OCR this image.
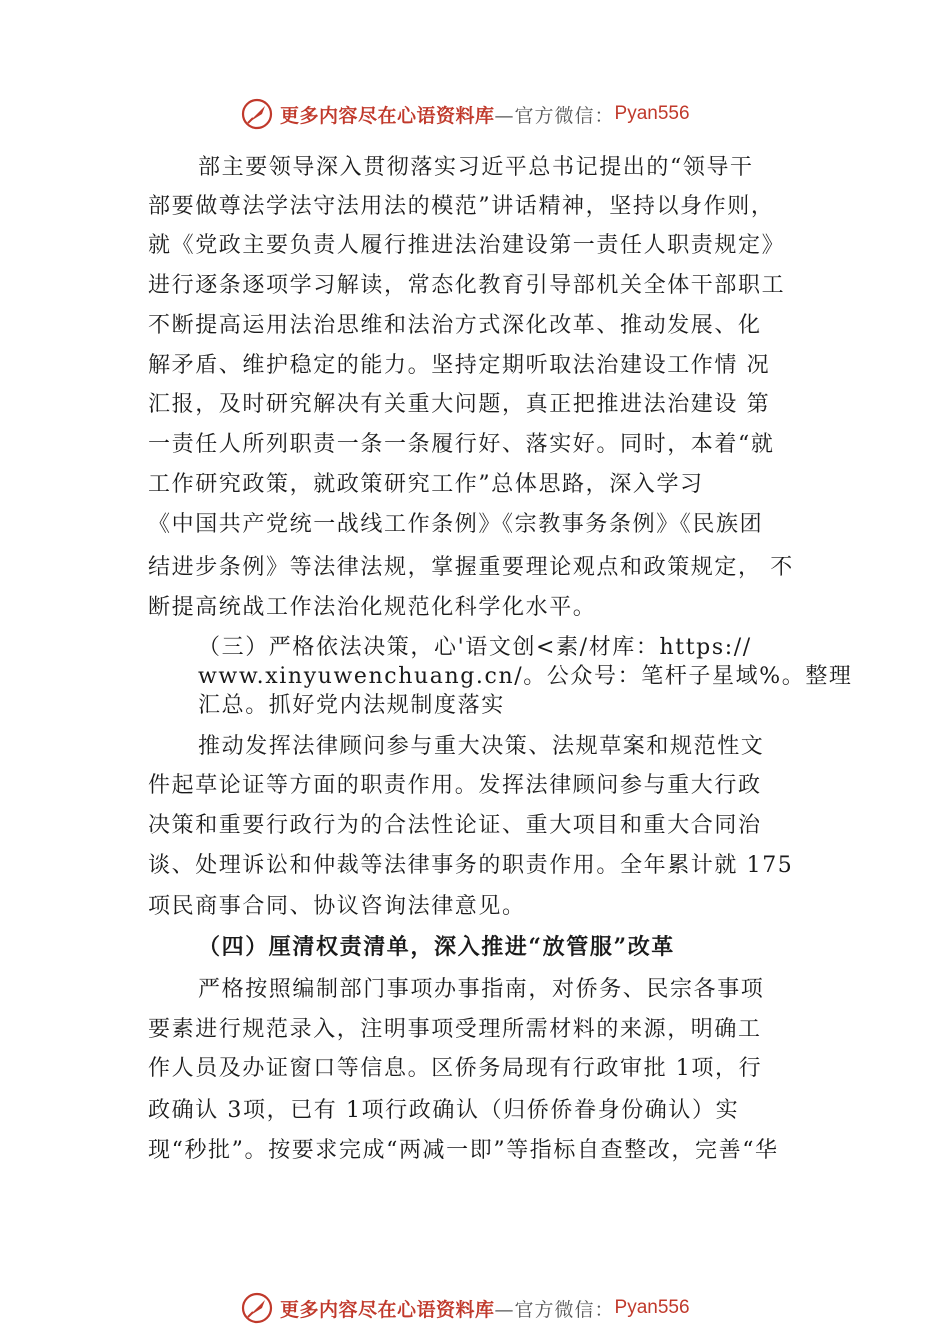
更多内容尽在心语资料库 —官方微信： Pyan556
部主要领导深入贯彻落实习近平总书记提出的“领导干
部要做尊法学法守法用法的模范”讲话精神，坚持以身作则，
就《党政主要负责人履行推进法治建设第一责任人职责规定》
进行逐条逐项学习解读，常态化教育引导部机关全体干部职工
不断提高运用法治思维和法治方式深化改革、推动发展、化
解矛盾、维护稳定的能力。坚持定期听取法治建设工作情 况
汇报，及时研究解决有关重大问题，真正把推进法治建设 第
一责任人所列职责一条一条履行好、落实好。同时，本着“就
工作研究政策，就政策研究工作”总体思路，深入学习
《中国共产党统一战线工作条例》《宗教事务条例》《民族团
结进步条例》等法律法规，掌握重要理论观点和政策规定， 不
断提高统战工作法治化规范化科学化水平。
（三）严格依法决策，心'语文创<素/材库：https://
www.xinyuwenchuang.cn/。公众号：笔杆子星域%。整理
汇总。抓好党内法规制度落实
推动发挥法律顾问参与重大决策、法规草案和规范性文
件起草论证等方面的职责作用。发挥法律顾问参与重大行政
决策和重要行政行为的合法性论证、重大项目和重大合同治
谈、处理诉讼和仲裁等法律事务的职责作用。全年累计就 175
项民商事合同、协议咨询法律意见。
（四）厘清权责清单，深入推进“放管服”改革
严格按照编制部门事项办事指南，对侨务、民宗各事项
要素进行规范录入，注明事项受理所需材料的来源，明确工
作人员及办证窗口等信息。区侨务局现有行政审批 1项，行
政确认 3项，已有 1项行政确认（归侨侨眷身份确认）实
现“秒批”。按要求完成“两减一即”等指标自查整改，完善“华
更多内容尽在心语资料库 —官方微信： Pyan556
